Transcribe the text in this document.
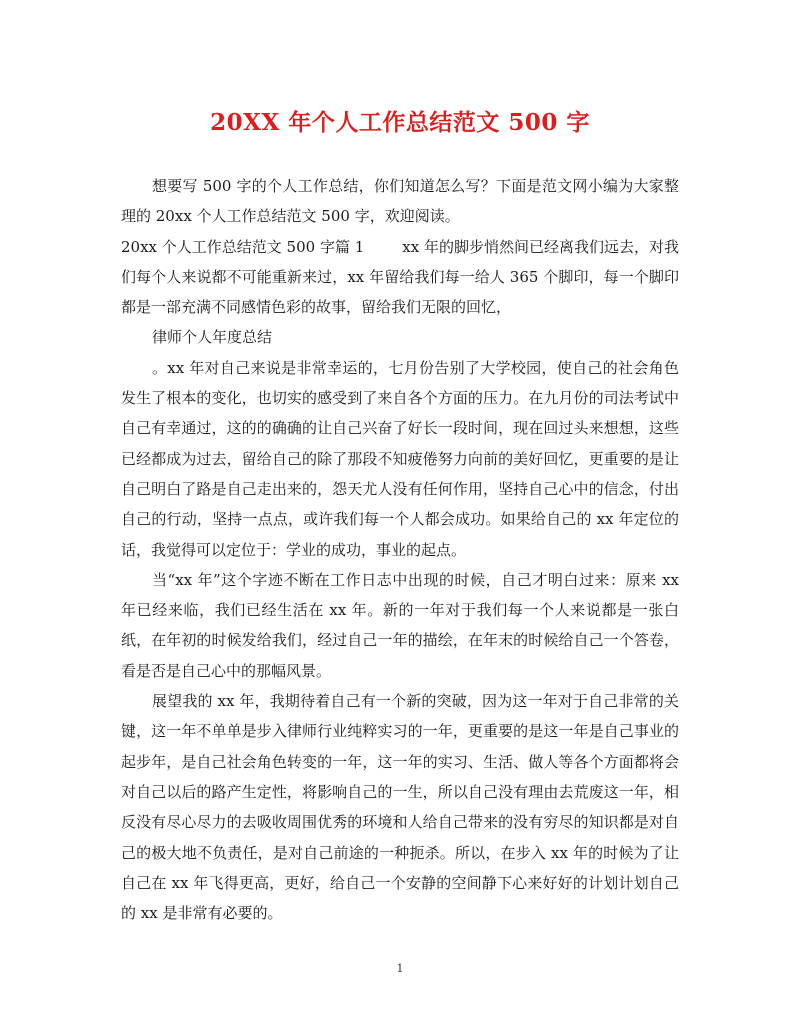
20XX 年个人工作总结范文 500 字

想要写 500 字的个人工作总结，你们知道怎么写？下面是范文网小编为大家整理的 20xx 个人工作总结范文 500 字，欢迎阅读。

20xx 个人工作总结范文 500 字篇 1	xx 年的脚步悄然间已经离我们远去，对我们每个人来说都不可能重新来过，xx 年留给我们每一给人 365 个脚印，每一个脚印都是一部充满不同感情色彩的故事，留给我们无限的回忆，

律师个人年度总结

。xx 年对自己来说是非常幸运的，七月份告别了大学校园，使自己的社会角色发生了根本的变化，也切实的感受到了来自各个方面的压力。在九月份的司法考试中自己有幸通过，这的的确确的让自己兴奋了好长一段时间，现在回过头来想想，这些已经都成为过去，留给自己的除了那段不知疲倦努力向前的美好回忆，更重要的是让自己明白了路是自己走出来的，怨天尤人没有任何作用，坚持自己心中的信念，付出自己的行动，坚持一点点，或许我们每一个人都会成功。如果给自己的 xx 年定位的话，我觉得可以定位于：学业的成功，事业的起点。

当“xx 年”这个字迹不断在工作日志中出现的时候，自己才明白过来：原来 xx 年已经来临，我们已经生活在 xx 年。新的一年对于我们每一个人来说都是一张白纸，在年初的时候发给我们，经过自己一年的描绘，在年末的时候给自己一个答卷，看是否是自己心中的那幅风景。

展望我的 xx 年，我期待着自己有一个新的突破，因为这一年对于自己非常的关键，这一年不单单是步入律师行业纯粹实习的一年，更重要的是这一年是自己事业的起步年，是自己社会角色转变的一年，这一年的实习、生活、做人等各个方面都将会对自己以后的路产生定性，将影响自己的一生，所以自己没有理由去荒废这一年，相反没有尽心尽力的去吸收周围优秀的环境和人给自己带来的没有穷尽的知识都是对自己的极大地不负责任，是对自己前途的一种扼杀。所以，在步入 xx 年的时候为了让自己在 xx 年飞得更高，更好，给自己一个安静的空间静下心来好好的计划计划自己的 xx 是非常有必要的。

1
